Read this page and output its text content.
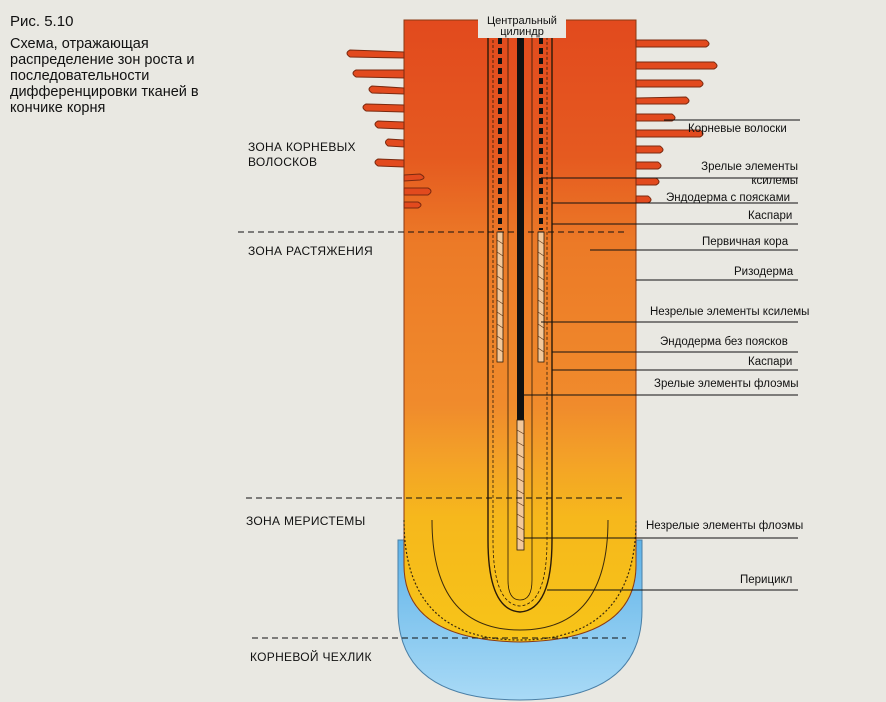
Рис. 5.10
Схема, отражающая распределение зон роста и последовательности дифференцировки тканей в кончике корня
Центральный цилиндр
ЗОНА КОРНЕВЫХ ВОЛОСКОВ
ЗОНА РАСТЯЖЕНИЯ
ЗОНА МЕРИСТЕМЫ
КОРНЕВОЙ ЧЕХЛИК
Корневые волоски
Зрелые элементы ксилемы
Эндодерма с поясками
Каспари
Первичная кора
Ризодерма
Незрелые элементы ксилемы
Эндодерма без поясков
Каспари
Зрелые элементы флоэмы
Незрелые элементы флоэмы
Перицикл
